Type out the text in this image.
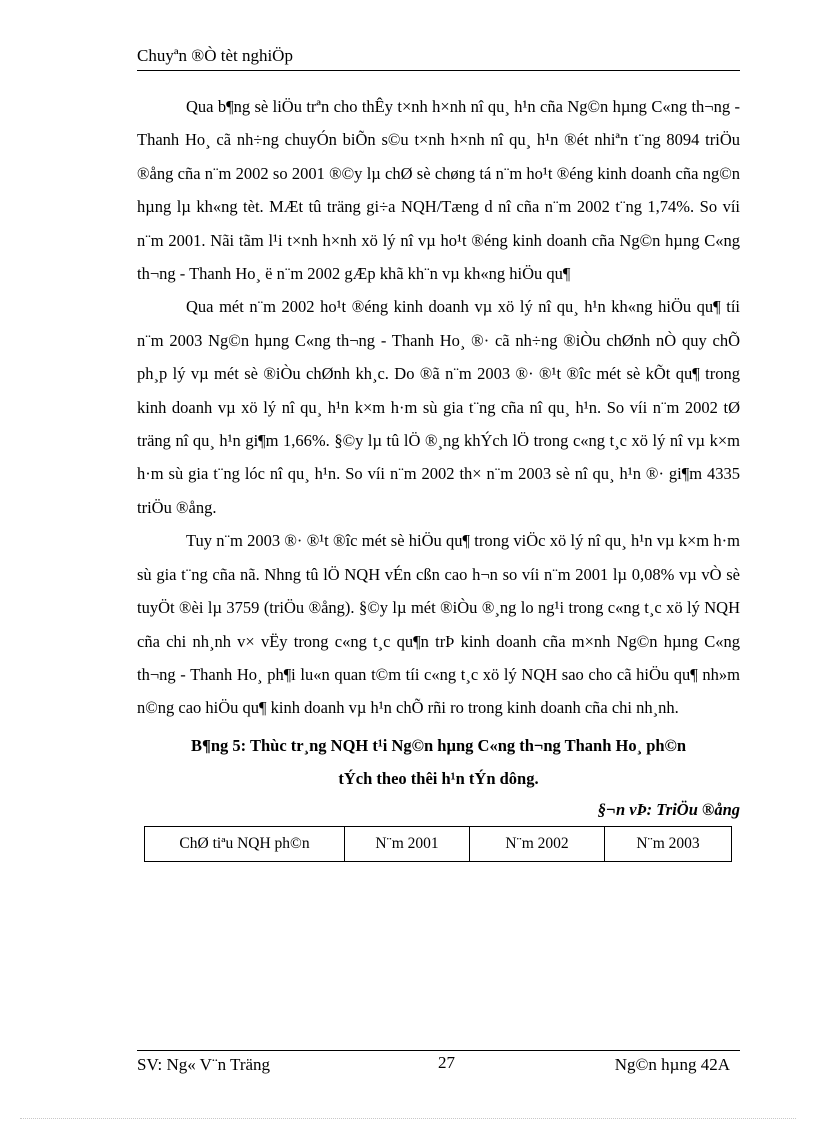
Chuyªn ®Ò tèt nghiÖp

Qua b¶ng sè liÖu trªn cho thÊy t×nh h×nh nî qu¸ h¹n cña Ng©n hµng C«ng th¬ng - Thanh Ho¸ cã nh÷ng chuyÓn biÕn s©u t×nh h×nh nî qu¸ h¹n ®ét nhiªn t¨ng 8094 triÖu ®ång cña n¨m 2002 so 2001 ®©y lµ chØ sè chøng tá n¨m ho¹t ®éng kinh doanh cña ng©n hµng lµ kh«ng tèt. MÆt tû träng gi÷a NQH/Tæng d nî cña n¨m 2002 t¨ng 1,74%. So víi n¨m 2001. Nãi tãm l¹i t×nh h×nh xö lý nî vµ ho¹t ®éng kinh doanh cña Ng©n hµng C«ng th¬ng - Thanh Ho¸ ë n¨m 2002 gÆp khã kh¨n vµ kh«ng hiÖu qu¶

Qua mét n¨m 2002 ho¹t ®éng kinh doanh vµ xö lý nî qu¸ h¹n kh«ng hiÖu qu¶ tíi n¨m 2003 Ng©n hµng C«ng th¬ng - Thanh Ho¸ ®· cã nh÷ng ®iÒu chØnh nÒ quy chÕ ph¸p lý vµ mét sè ®iÒu chØnh kh¸c. Do ®ã n¨m 2003 ®· ®¹t ®îc mét sè kÕt qu¶ trong kinh doanh vµ xö lý nî qu¸ h¹n k×m h·m sù gia t¨ng cña nî qu¸ h¹n. So víi n¨m 2002 tØ träng nî qu¸ h¹n gi¶m 1,66%. §©y lµ tû lÖ ®¸ng khÝch lÖ trong c«ng t¸c xö lý nî vµ k×m h·m sù gia t¨ng lóc nî qu¸ h¹n. So víi n¨m 2002 th× n¨m 2003 sè nî qu¸ h¹n ®· gi¶m 4335 triÖu ®ång.

Tuy n¨m 2003 ®· ®¹t ®îc mét sè hiÖu qu¶ trong viÖc xö lý nî qu¸ h¹n vµ k×m h·m sù gia t¨ng cña nã. Nhng tû lÖ NQH vÉn cßn cao h¬n so víi n¨m 2001 lµ 0,08% vµ vÒ sè tuyÖt ®èi lµ 3759 (triÖu ®ång). §©y lµ mét ®iÒu ®¸ng lo ng¹i trong c«ng t¸c xö lý NQH cña chi nh¸nh v× vËy trong c«ng t¸c qu¶n trÞ kinh doanh cña m×nh Ng©n hµng C«ng th¬ng - Thanh Ho¸ ph¶i lu«n quan t©m tíi c«ng t¸c xö lý NQH sao cho cã hiÖu qu¶ nh»m n©ng cao hiÖu qu¶ kinh doanh vµ h¹n chÕ rñi ro trong kinh doanh cña chi nh¸nh.

B¶ng 5: Thùc tr¸ng NQH t¹i Ng©n hµng C«ng th¬ng Thanh Ho¸ ph©n
tÝch theo thêi h¹n tÝn dông.

§¬n vÞ: TriÖu ®ång

ChØ tiªu NQH ph©n	N¨m 2001	N¨m 2002	N¨m 2003
SV: Ng« V¨n Träng	27	Ng©n hµng 42A
